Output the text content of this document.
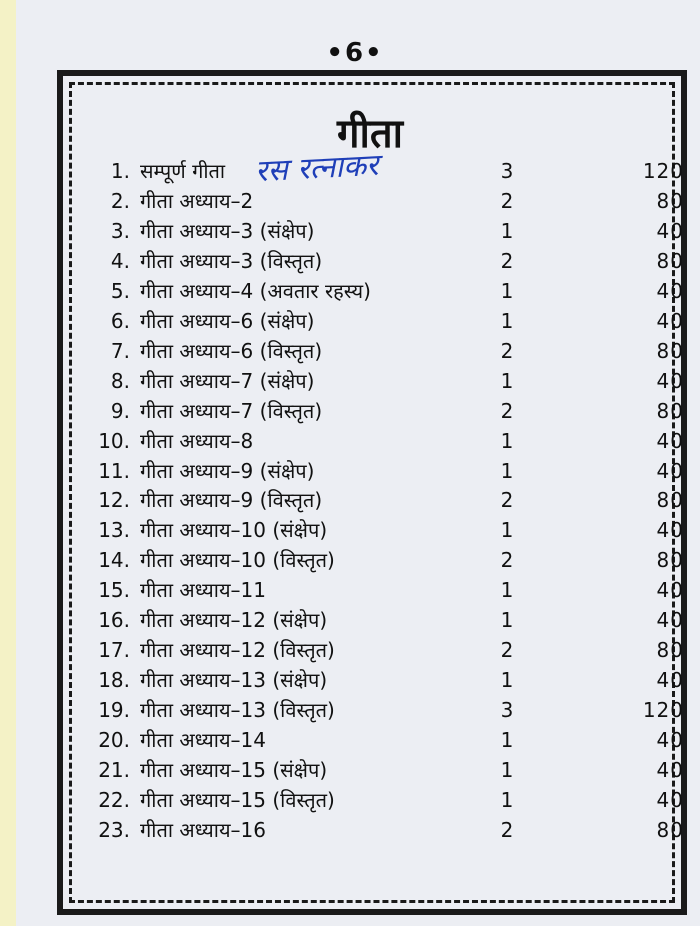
•6•
गीता
रस रत्नाकर
1. सम्पूर्ण गीता	3	120
2. गीता अध्याय–2	2	80
3. गीता अध्याय–3 (संक्षेप)	1	40
4. गीता अध्याय–3 (विस्तृत)	2	80
5. गीता अध्याय–4 (अवतार रहस्य)	1	40
6. गीता अध्याय–6 (संक्षेप)	1	40
7. गीता अध्याय–6 (विस्तृत)	2	80
8. गीता अध्याय–7 (संक्षेप)	1	40
9. गीता अध्याय–7 (विस्तृत)	2	80
10. गीता अध्याय–8	1	40
11. गीता अध्याय–9 (संक्षेप)	1	40
12. गीता अध्याय–9 (विस्तृत)	2	80
13. गीता अध्याय–10 (संक्षेप)	1	40
14. गीता अध्याय–10 (विस्तृत)	2	80
15. गीता अध्याय–11	1	40
16. गीता अध्याय–12 (संक्षेप)	1	40
17. गीता अध्याय–12 (विस्तृत)	2	80
18. गीता अध्याय–13 (संक्षेप)	1	40
19. गीता अध्याय–13 (विस्तृत)	3	120
20. गीता अध्याय–14	1	40
21. गीता अध्याय–15 (संक्षेप)	1	40
22. गीता अध्याय–15 (विस्तृत)	1	40
23. गीता अध्याय–16	2	80
